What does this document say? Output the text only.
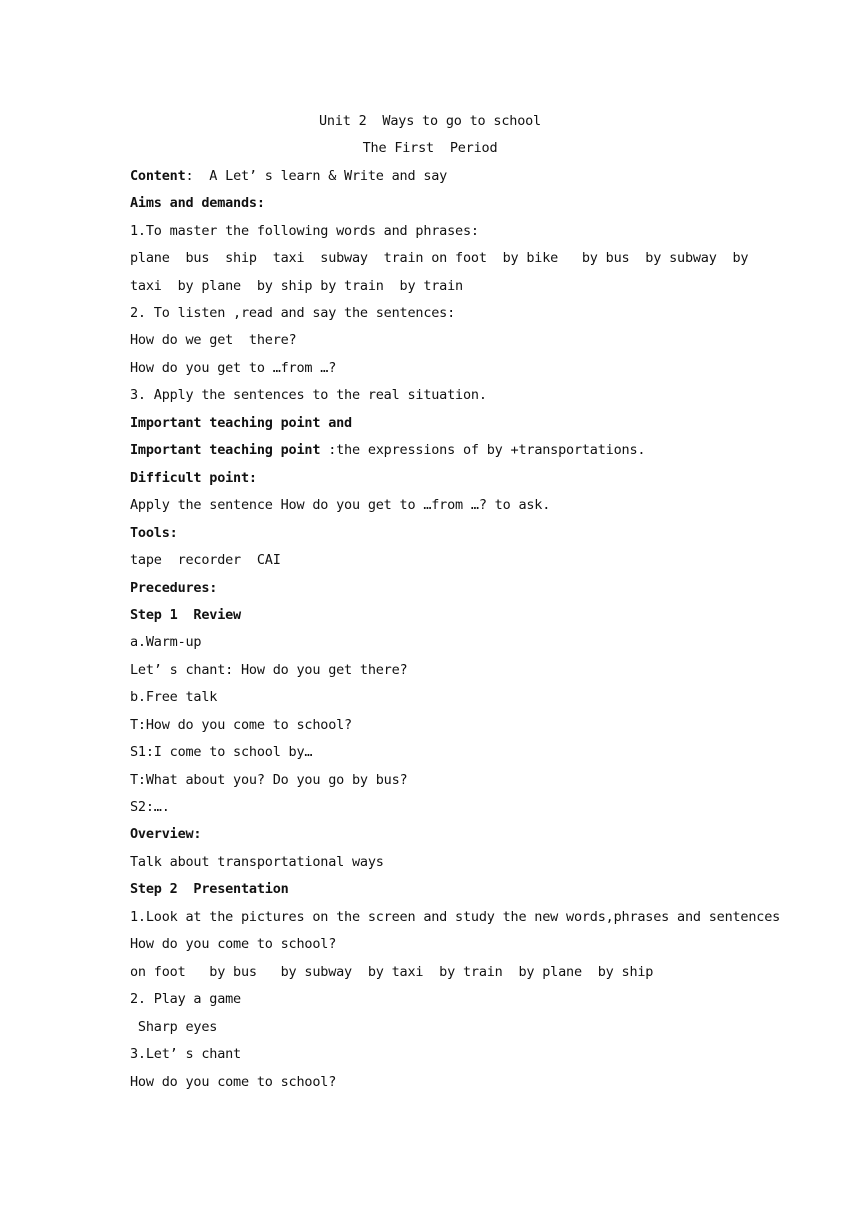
Unit 2  Ways to go to school
The First  Period
Content:  A Let’ s learn & Write and say
Aims and demands:
1.To master the following words and phrases:
plane  bus  ship  taxi  subway  train on foot  by bike   by bus  by subway  by
taxi  by plane  by ship by train  by train
2. To listen ,read and say the sentences:
How do we get  there?
How do you get to …from …?
3. Apply the sentences to the real situation.
Important teaching point and
Important teaching point :the expressions of by +transportations.
Difficult point:
Apply the sentence How do you get to …from …? to ask.
Tools:
tape  recorder  CAI
Precedures:
Step 1  Review
a.Warm-up
Let’ s chant: How do you get there?
b.Free talk
T:How do you come to school?
S1:I come to school by…
T:What about you? Do you go by bus?
S2:….
Overview:
Talk about transportational ways
Step 2  Presentation
1.Look at the pictures on the screen and study the new words,phrases and sentences
How do you come to school?
on foot   by bus   by subway  by taxi  by train  by plane  by ship
2. Play a game
Sharp eyes
3.Let’ s chant
How do you come to school?
